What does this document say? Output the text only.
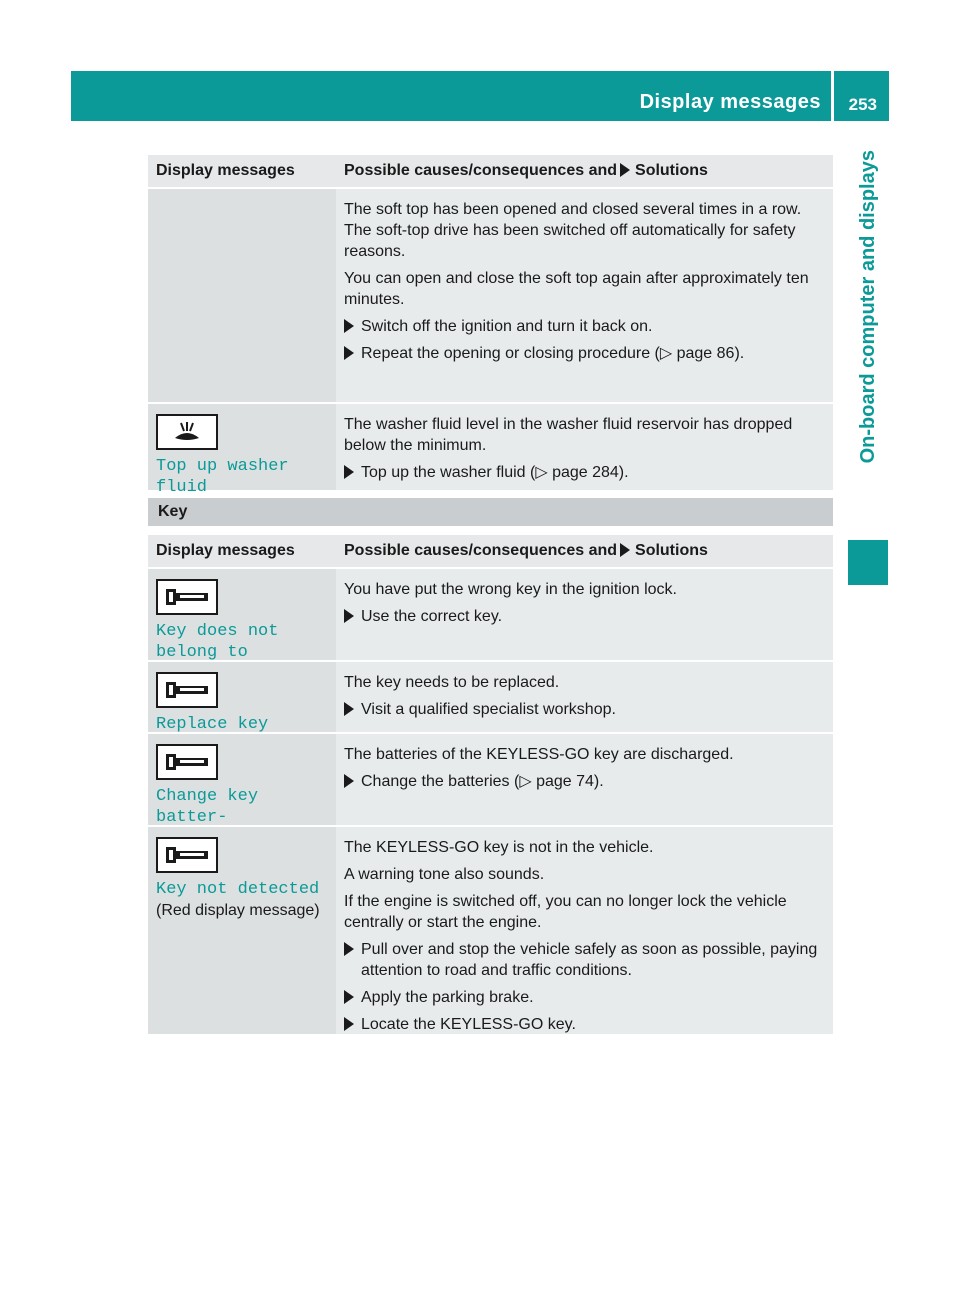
Display messages 253
On-board computer and displays
Display messages	Possible causes/consequences and Solutions
The soft top has been opened and closed several times in a row. The soft-top drive has been switched off automatically for safety reasons.
You can open and close the soft top again after approximately ten minutes.
Switch off the ignition and turn it back on.
Repeat the opening or closing procedure (▷ page 86).
Top up washer fluid
The washer fluid level in the washer fluid reservoir has dropped below the minimum.
Top up the washer fluid (▷ page 284).
Key
Display messages	Possible causes/consequences and Solutions
Key does not
belong to
You have put the wrong key in the ignition lock.
Use the correct key.
Replace key
The key needs to be replaced.
Visit a qualified specialist workshop.
Change key batter‐
The batteries of the KEYLESS-GO key are discharged.
Change the batteries (▷ page 74).
Key not detected
(Red display message)
The KEYLESS-GO key is not in the vehicle.
A warning tone also sounds.
If the engine is switched off, you can no longer lock the vehicle centrally or start the engine.
Pull over and stop the vehicle safely as soon as possible, paying attention to road and traffic conditions.
Apply the parking brake.
Locate the KEYLESS-GO key.
